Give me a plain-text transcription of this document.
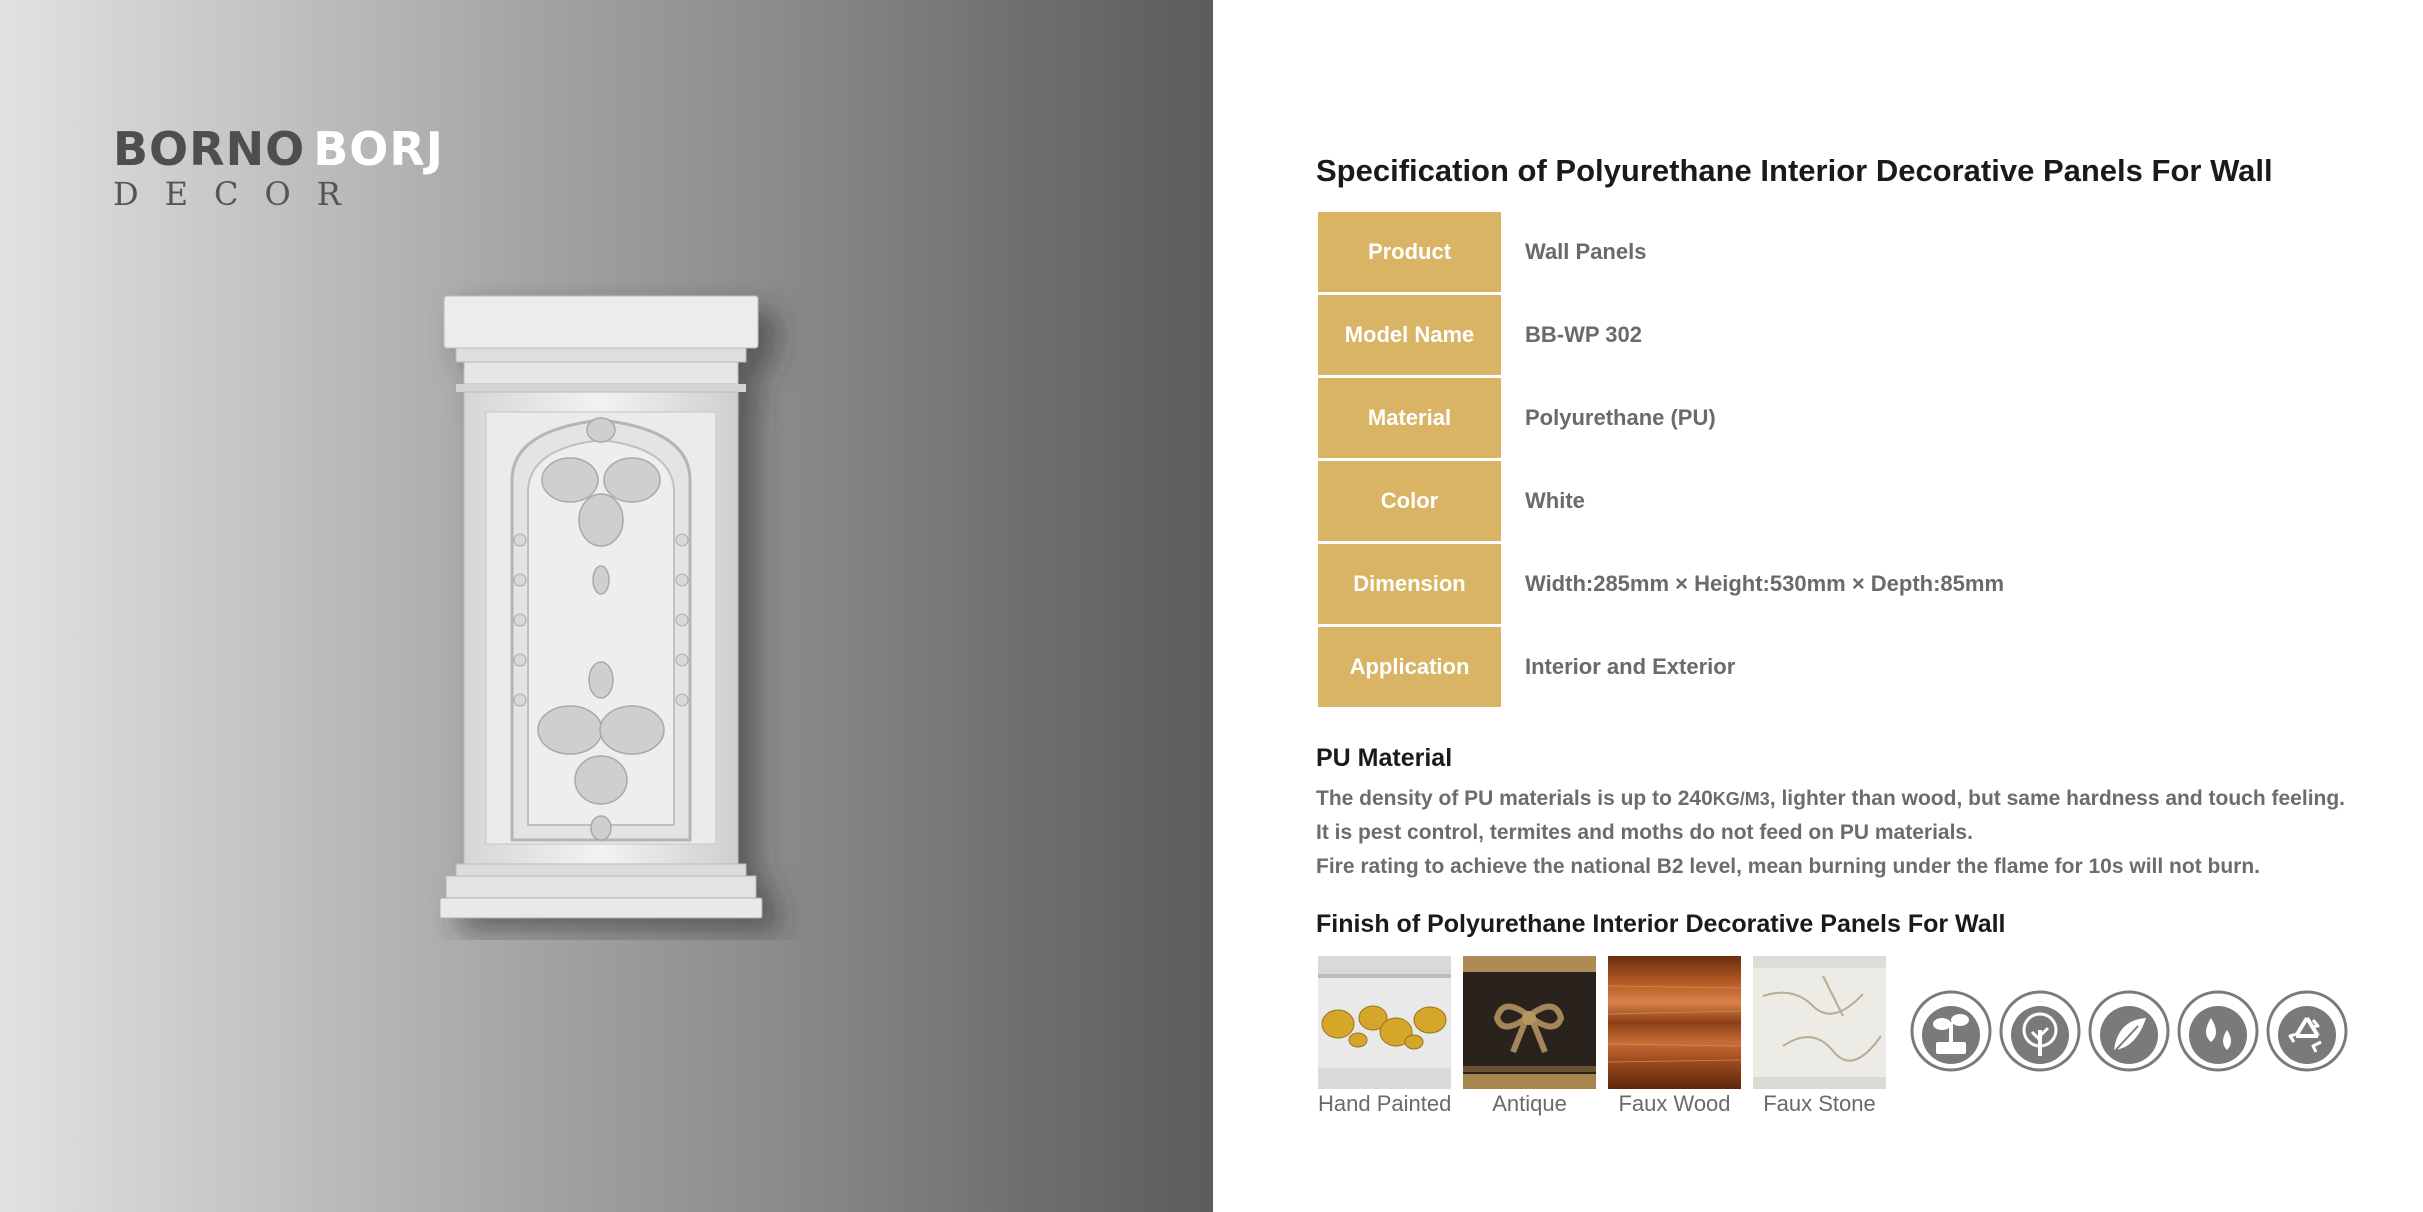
BORNO BORJ
DECOR
Specification of Polyurethane Interior Decorative Panels For Wall
Product	Wall Panels
Model Name	BB-WP 302
Material	Polyurethane (PU)
Color	White
Dimension	Width:285mm × Height:530mm × Depth:85mm
Application	Interior and Exterior
PU Material
The density of PU materials is up to 240KG/M3, lighter than wood, but same hardness and touch feeling.
It is pest control, termites and moths do not feed on PU materials.
Fire rating to achieve the national B2 level, mean burning under the flame for 10s will not burn.
Finish of Polyurethane Interior Decorative Panels For Wall
Hand Painted	Antique	Faux Wood	Faux Stone
